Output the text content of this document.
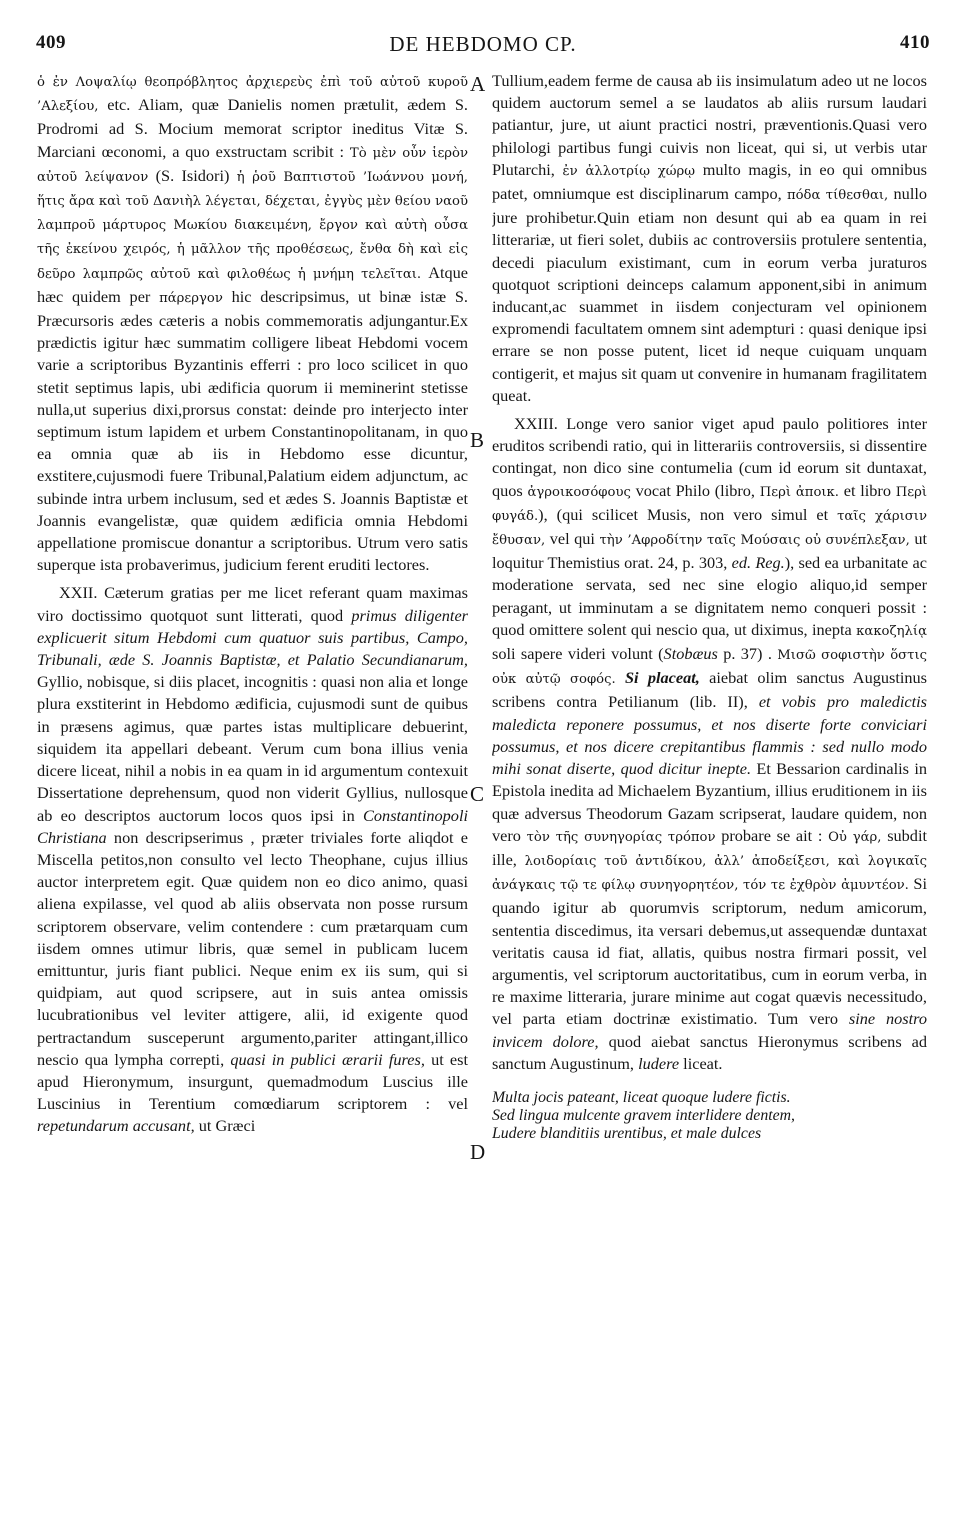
409	DE HEBDOMO CP.	410

ὁ ἐν Λοψαλίῳ θεοπρόβλητος ἀρχιερεὺς ἐπὶ τοῦ αὐτοῦ κυροῦ ’Αλεξίου, etc. Aliam, quæ Danielis nomen prætulit, ædem S. Prodromi ad S. Mocium memorat scriptor ineditus Vitæ S. Marciani œconomi, a quo exstructam scribit : Τὸ μὲν οὖν ἱερὸν αὐτοῦ λείψανον (S. Isidori) ἡ ῥοῦ Βαπτιστοῦ ’Ιωάννου μονή, ἥτις ἄρα καὶ τοῦ Δανιὴλ λέγεται, δέχεται, ἐγγὺς μὲν θείου ναοῦ λαμπροῦ μάρτυρος Μωκίου διακειμένη, ἔργον καὶ αὐτὴ οὖσα τῆς ἐκείνου χειρός, ἡ μᾶλλον τῆς προθέσεως, ἔνθα δὴ καὶ εἰς δεῦρο λαμπρῶς αὐτοῦ καὶ φιλοθέως ἡ μνήμη τελεῖται. Atque hæc quidem per πάρεργον hic descripsimus, ut binæ istæ S. Præcursoris ædes cæteris a nobis commemoratis adjungantur.Ex prædictis igitur hæc summatim colligere libeat Hebdomi vocem varie a scriptoribus Byzantinis efferri : pro loco scilicet in quo stetit septimus lapis, ubi ædificia quorum ii meminerint stetisse nulla,ut superius dixi,prorsus constat: deinde pro interjecto inter septimum istum lapidem et urbem Constantinopolitanam, in quo ea omnia quæ ab iis in Hebdomo esse dicuntur, exstitere,cujusmodi fuere Tribunal,Palatium eidem adjunctum, ac subinde intra urbem inclusum, sed et ædes S. Joannis Baptistæ et Joannis evangelistæ, quæ quidem ædificia omnia Hebdomi appellatione promiscue donantur a scriptoribus. Utrum vero satis superque ista probaverimus, judicium ferent eruditi lectores.

XXII. Cæterum gratias per me licet referant quam maximas viro doctissimo quotquot sunt litterati, quod primus diligenter explicuerit situm Hebdomi cum quatuor suis partibus, Campo, Tribunali, æde S. Joannis Baptistæ, et Palatio Secundianarum, Gyllio, nobisque, si diis placet, incognitis : quasi non alia et longe plura exstiterint in Hebdomo ædificia, cujusmodi sunt de quibus in præsens agimus, quæ partes istas multiplicare debuerint, siquidem ita appellari debeant. Verum cum bona illius venia dicere liceat, nihil a nobis in ea quam in id argumentum contexuit Dissertatione deprehensum, quod non viderit Gyllius, nullosque ab eo descriptos auctorum locos quos ipsi in Constantinopoli Christiana non descripserimus , præter triviales forte aliqdot e Miscella petitos,non consulto vel lecto Theophane, cujus illius auctor interpretem egit. Quæ quidem non eo dico animo, quasi aliena expilasse, vel quod ab aliis observata non posse rursum scriptorem observare, velim contendere : cum prætarquam cum iisdem omnes utimur libris, quæ semel in publicam lucem emittuntur, juris fiant publici. Neque enim ex iis sum, qui si quidpiam, aut quod scripsere, aut in suis antea omissis lucubrationibus vel leviter attigere, alii, id exigente quod pertractandum susceperunt argumento,pariter attingant,illico nescio qua lympha correpti, quasi in publici ærarii fures, ut est apud Hieronymum, insurgunt, quemadmodum Luscius ille Luscinius in Terentium comœdiarum scriptorem : vel repetundarum accusant, ut Græci

A
B
C
D

Tullium,eadem ferme de causa ab iis insimulatum adeo ut ne locos quidem auctorum semel a se laudatos ab aliis rursum laudari patiantur, jure, ut aiunt practici nostri, præventionis.Quasi vero philologi partibus fungi cuivis non liceat, qui si, ut verbis utar Plutarchi, ἐν ἀλλοτρίῳ χώρῳ multo magis, in eo qui omnibus patet, omniumque est disciplinarum campo, πόδα τίθεσθαι, nullo jure prohibetur.Quin etiam non desunt qui ab ea quam in rei litterariæ, ut fieri solet, dubiis ac controversiis protulere sententia, decedi piaculum existimant, cum in eorum verba juraturos quotquot scriptioni deinceps calamum apponent,sibi in animum inducant,ac suammet in iisdem conjecturam vel opinionem expromendi facultatem omnem sint adempturi : quasi denique ipsi errare se non posse putent, licet id neque cuiquam unquam contigerit, et majus sit quam ut convenire in humanam fragilitatem queat.

XXIII. Longe vero sanior viget apud paulo politiores inter eruditos scribendi ratio, qui in litterariis controversiis, si dissentire contingat, non dico sine contumelia (cum id eorum sit duntaxat, quos ἀγροικοσόφους vocat Philo (libro, Περὶ ἀποικ. et libro Περὶ φυγάδ.), (qui scilicet Musis, non vero simul et ταῖς χάρισιν ἔθυσαν, vel qui τὴν ’Αφροδίτην ταῖς Μούσαις οὐ συνέπλεξαν, ut loquitur Themistius orat. 24, p. 303, ed. Reg.), sed ea urbanitate ac moderatione servata, sed nec sine elogio aliquo,id semper peragant, ut imminutam a se dignitatem nemo conqueri possit : quod omittere solent qui nescio qua, ut diximus, inepta κακοζηλίᾳ soli sapere videri volunt (Stobæus p. 37) . Μισῶ σοφιστὴν ὅστις οὐκ αὐτῷ σοφός. Si placeat, aiebat olim sanctus Augustinus scribens contra Petilianum (lib. II), et vobis pro maledictis maledicta reponere possumus, et nos diserte forte conviciari possumus, et nos dicere crepitantibus flammis : sed nullo modo mihi sonat diserte, quod dicitur inepte. Et Bessarion cardinalis in Epistola inedita ad Michaelem Byzantium, illius eruditionem in iis quæ adversus Theodorum Gazam scripserat, laudare quidem, non vero τὸν τῆς συνηγορίας τρόπον probare se ait : Οὐ γάρ, subdit ille, λοιδορίαις τοῦ ἀντιδίκου, ἀλλ’ ἀποδείξεσι, καὶ λογικαῖς ἀνάγκαις τῷ τε φίλῳ συνηγορητέον, τόν τε ἐχθρὸν ἀμυντέον. Si quando igitur ab quorumvis scriptorum, nedum amicorum, sententia discedimus, ita versari debemus,ut assequendæ duntaxat veritatis causa id fiat, allatis, quibus nostra firmari possit, vel argumentis, vel scriptorum auctoritatibus, cum in eorum verba, in re maxime litteraria, jurare minime aut cogat quævis necessitudo, vel parta etiam doctrinæ existimatio. Tum vero sine nostro invicem dolore, quod aiebat sanctus Hieronymus scribens ad sanctum Augustinum, ludere liceat.

Multa jocis pateant, liceat quoque ludere fictis.
Sed lingua mulcente gravem interlidere dentem,
Ludere blanditiis urentibus, et male dulces
